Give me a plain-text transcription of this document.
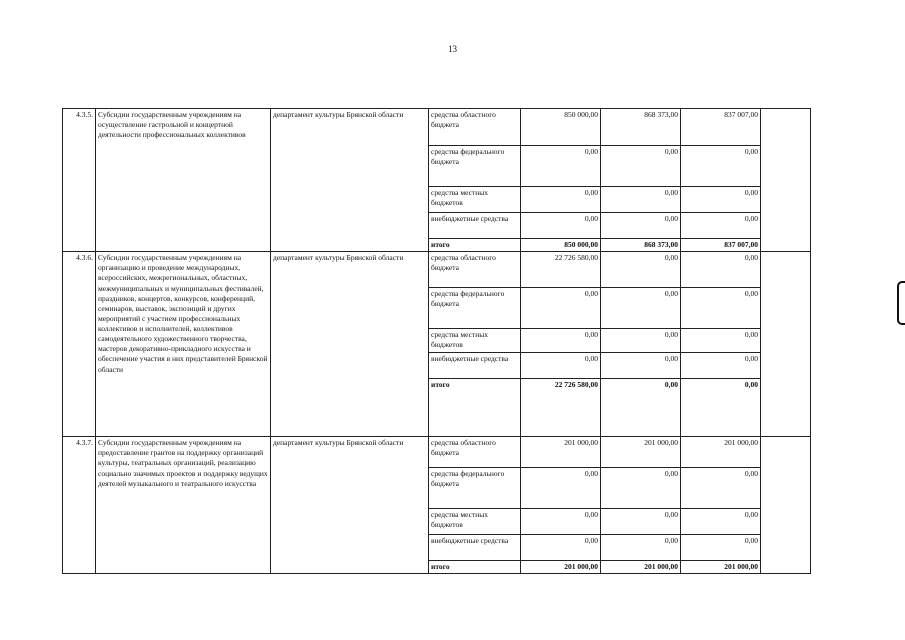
13
4.3.5.	Субсидии государственным учреждениям на осуществление гастрольной и концертной деятельности профессиональных коллективов	департамент культуры Брянской области	средства областного бюджета	850 000,00	868 373,00	837 007,00	
			средства федерального бюджета	0,00	0,00	0,00	
			средства местных бюджетов	0,00	0,00	0,00	
			внебюджетные средства	0,00	0,00	0,00	
			итого	850 000,00	868 373,00	837 007,00	
4.3.6.	Субсидии государственным учреждениям на организацию и проведение международных, всероссийских, межрегиональных, областных, межмуниципальных и муниципальных фестивалей, праздников, концертов, конкурсов, конференций, семинаров, выставок, экспозиций и других мероприятий с участием профессиональных коллективов и исполнителей, коллективов самодеятельного художественного творчества, мастеров декоративно-прикладного искусства и обеспечение участия в них представителей Брянской области	департамент культуры Брянской области	средства областного бюджета	22 726 580,00	0,00	0,00	
			средства федерального бюджета	0,00	0,00	0,00	
			средства местных бюджетов	0,00	0,00	0,00	
			внебюджетные средства	0,00	0,00	0,00	
			итого	22 726 580,00	0,00	0,00	
4.3.7.	Субсидии государственным учреждениям на предоставление грантов на поддержку организаций культуры, театральных организаций, реализацию социально значимых проектов и поддержку ведущих деятелей музыкального и театрального искусства	департамент культуры Брянской области	средства областного бюджета	201 000,00	201 000,00	201 000,00	
			средства федерального бюджета	0,00	0,00	0,00	
			средства местных бюджетов	0,00	0,00	0,00	
			внебюджетные средства	0,00	0,00	0,00	
			итого	201 000,00	201 000,00	201 000,00	
